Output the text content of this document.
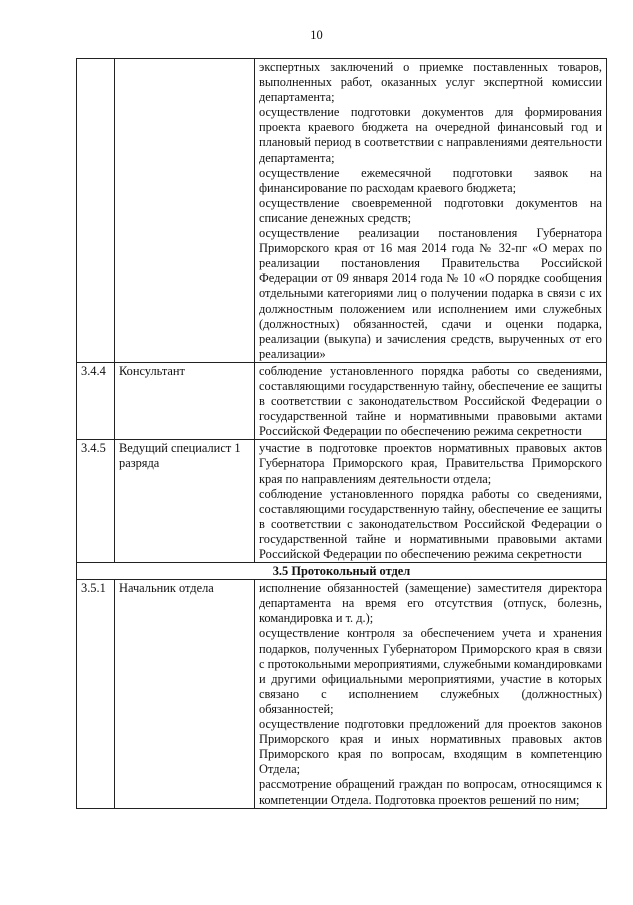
10

		экспертных заключений о приемке поставленных товаров, выполненных работ, оказанных услуг экспертной комиссии департамента;

осуществление подготовки документов для формирования проекта краевого бюджета на очередной финансовый год и плановый период в соответствии с направлениями деятельности департамента;

осуществление ежемесячной подготовки заявок на финансирование по расходам краевого бюджета;

осуществление своевременной подготовки документов на списание денежных средств;

осуществление реализации постановления Губернатора Приморского края от 16 мая 2014 года № 32-пг «О мерах по реализации постановления Правительства Российской Федерации от 09 января 2014 года № 10 «О порядке сообщения отдельными категориями лиц о получении подарка в связи с их должностным положением или исполнением ими служебных (должностных) обязанностей, сдачи и оценки подарка, реализации (выкупа) и зачисления средств, вырученных от его реализации»

3.4.4	Консультант	соблюдение установленного порядка работы со сведениями, составляющими государственную тайну, обеспечение ее защиты в соответствии с законодательством Российской Федерации о государственной тайне и нормативными правовыми актами Российской Федерации по обеспечению режима секретности

3.4.5	Ведущий специалист 1 разряда	участие в подготовке проектов нормативных правовых актов Губернатора Приморского края, Правительства Приморского края по направлениям деятельности отдела;

соблюдение установленного порядка работы со сведениями, составляющими государственную тайну, обеспечение ее защиты в соответствии с законодательством Российской Федерации о государственной тайне и нормативными правовыми актами Российской Федерации по обеспечению режима секретности

3.5 Протокольный отдел		
3.5.1	Начальник отдела	исполнение обязанностей (замещение) заместителя директора департамента на время его отсутствия (отпуск, болезнь, командировка и т. д.);

осуществление контроля за обеспечением учета и хранения подарков, полученных Губернатором Приморского края в связи с протокольными мероприятиями, служебными командировками и другими официальными мероприятиями, участие в которых связано с исполнением служебных (должностных) обязанностей;

осуществление подготовки предложений для проектов законов Приморского края и иных нормативных правовых актов Приморского края по вопросам, входящим в компетенцию Отдела;

рассмотрение обращений граждан по вопросам, относящимся к компетенции Отдела. Подготовка проектов решений по ним;
